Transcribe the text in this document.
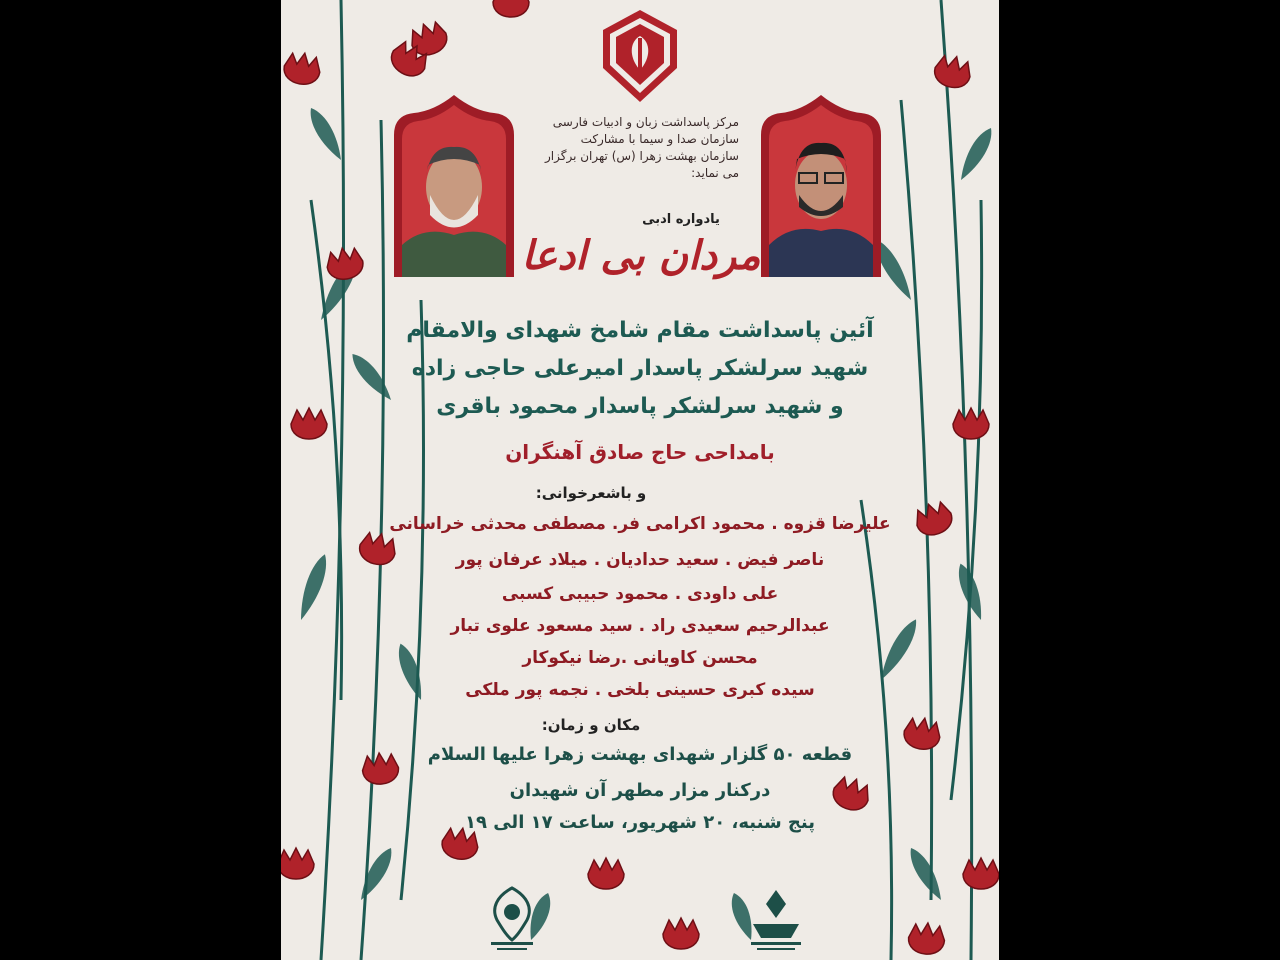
مرکز پاسداشت زبان و ادبیات فارسی
سازمان صدا و سیما با مشارکت
سازمان بهشت زهرا (س) تهران برگزار
می نماید:
یادواره ادبی
مردان بی ادعا
آئین پاسداشت مقام شامخ شهدای والامقام
شهید سرلشکر پاسدار امیرعلی حاجی زاده
و شهید سرلشکر پاسدار محمود باقری
بامداحی حاج صادق آهنگران
و باشعرخوانی:
علیرضا قزوه . محمود اکرامی فر. مصطفی محدثی خراسانی
ناصر فیض . سعید حدادیان . میلاد عرفان پور
علی داودی . محمود حبیبی کسبی
عبدالرحیم سعیدی راد . سید مسعود علوی تبار
محسن کاویانی .رضا نیکوکار
سیده کبری حسینی بلخی . نجمه پور ملکی
مکان و زمان:
قطعه ۵۰ گلزار شهدای بهشت زهرا علیها السلام
درکنار مزار مطهر آن شهیدان
پنج شنبه، ۲۰ شهریور، ساعت ۱۷ الی ۱۹
